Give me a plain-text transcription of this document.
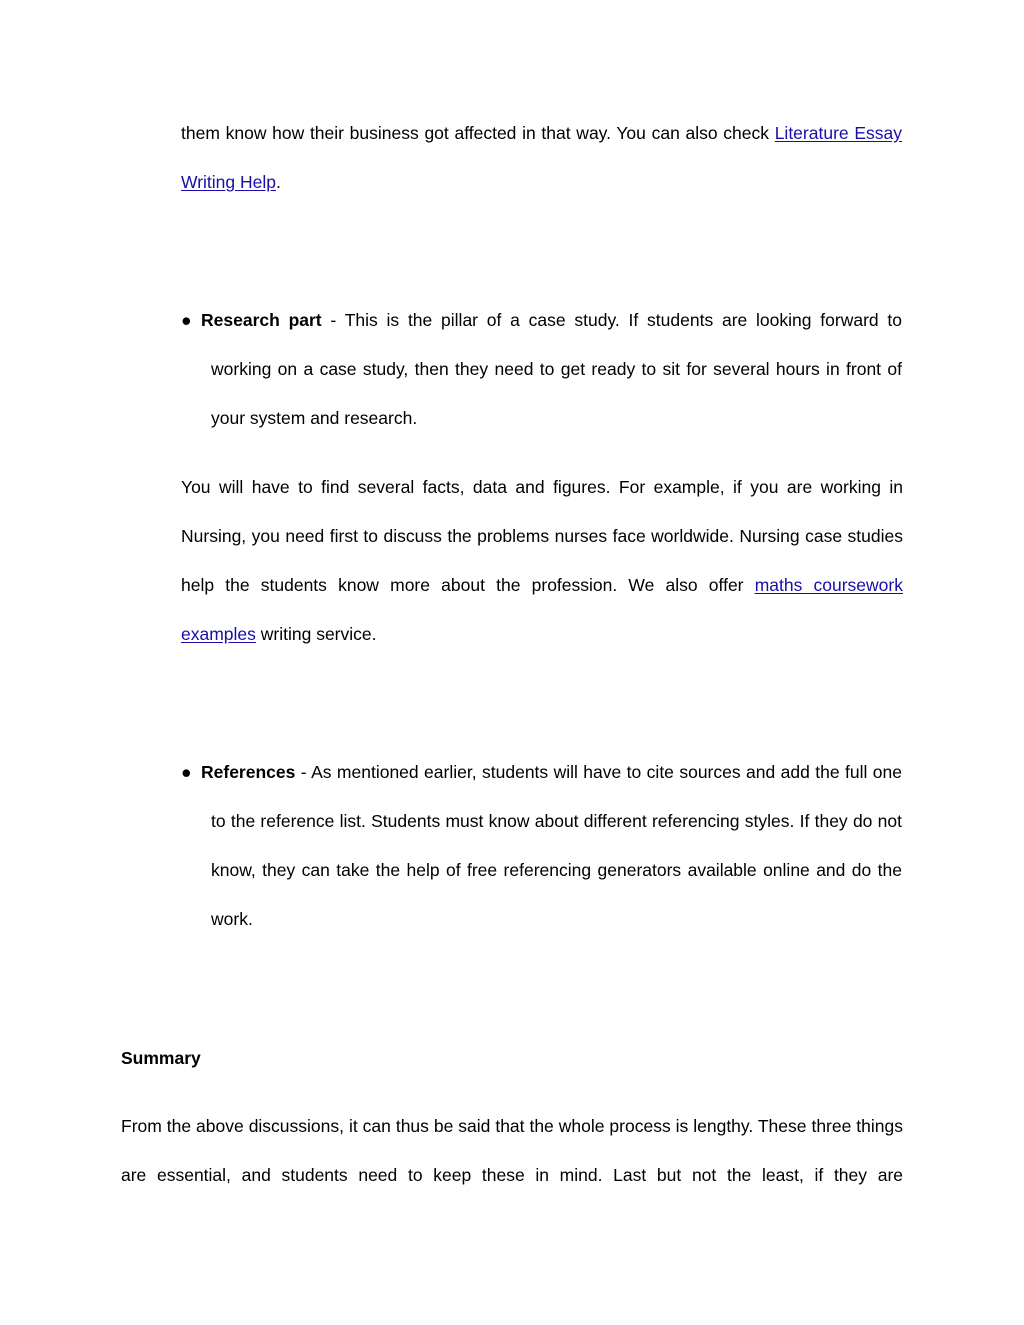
them know how their business got affected in that way. You can also check Literature Essay Writing Help.

● Research part - This is the pillar of a case study. If students are looking forward to working on a case study, then they need to get ready to sit for several hours in front of your system and research.

You will have to find several facts, data and figures. For example, if you are working in Nursing, you need first to discuss the problems nurses face worldwide. Nursing case studies help the students know more about the profession. We also offer maths coursework examples writing service.

● References - As mentioned earlier, students will have to cite sources and add the full one to the reference list. Students must know about different referencing styles. If they do not know, they can take the help of free referencing generators available online and do the work.

Summary

From the above discussions, it can thus be said that the whole process is lengthy. These three things are essential, and students need to keep these in mind. Last but not the least, if they are
